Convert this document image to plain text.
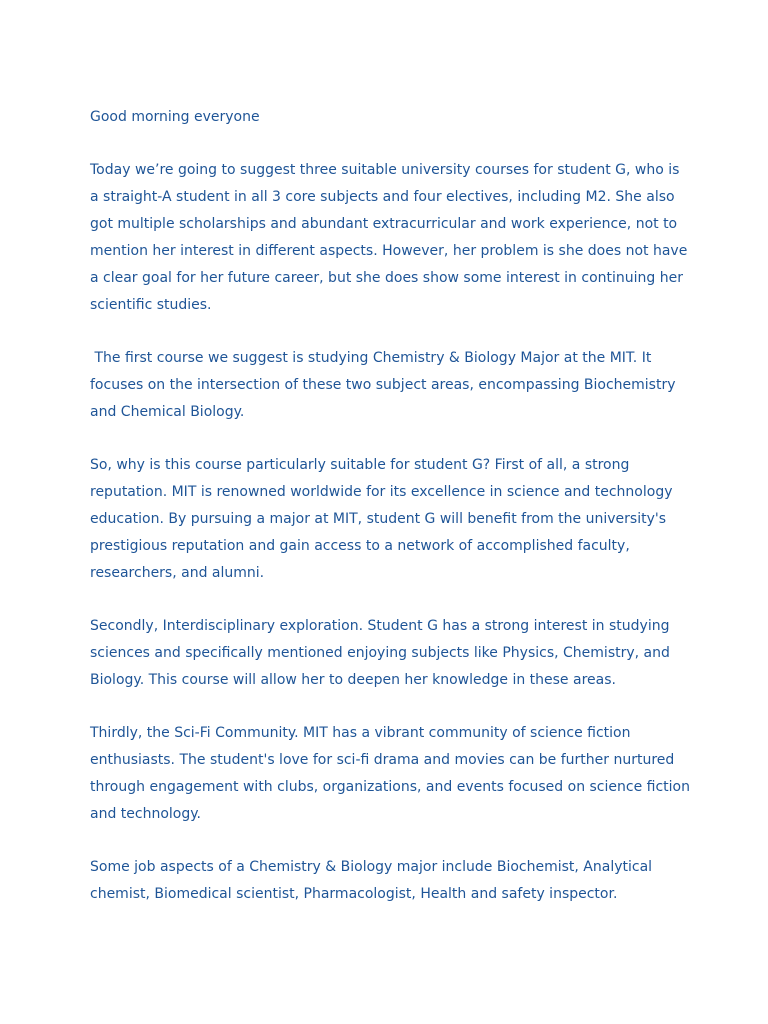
Good morning everyone

Today we’re going to suggest three suitable university courses for student G, who is a straight-A student in all 3 core subjects and four electives, including M2. She also got multiple scholarships and abundant extracurricular and work experience, not to mention her interest in different aspects. However, her problem is she does not have a clear goal for her future career, but she does show some interest in continuing her scientific studies.

The first course we suggest is studying Chemistry & Biology Major at the MIT. It focuses on the intersection of these two subject areas, encompassing Biochemistry and Chemical Biology.

So, why is this course particularly suitable for student G? First of all, a strong reputation. MIT is renowned worldwide for its excellence in science and technology education. By pursuing a major at MIT, student G will benefit from the university's prestigious reputation and gain access to a network of accomplished faculty, researchers, and alumni.

Secondly, Interdisciplinary exploration. Student G has a strong interest in studying sciences and specifically mentioned enjoying subjects like Physics, Chemistry, and Biology. This course will allow her to deepen her knowledge in these areas.

Thirdly, the Sci-Fi Community. MIT has a vibrant community of science fiction enthusiasts. The student's love for sci-fi drama and movies can be further nurtured through engagement with clubs, organizations, and events focused on science fiction and technology.

Some job aspects of a Chemistry & Biology major include Biochemist, Analytical chemist, Biomedical scientist, Pharmacologist, Health and safety inspector.
